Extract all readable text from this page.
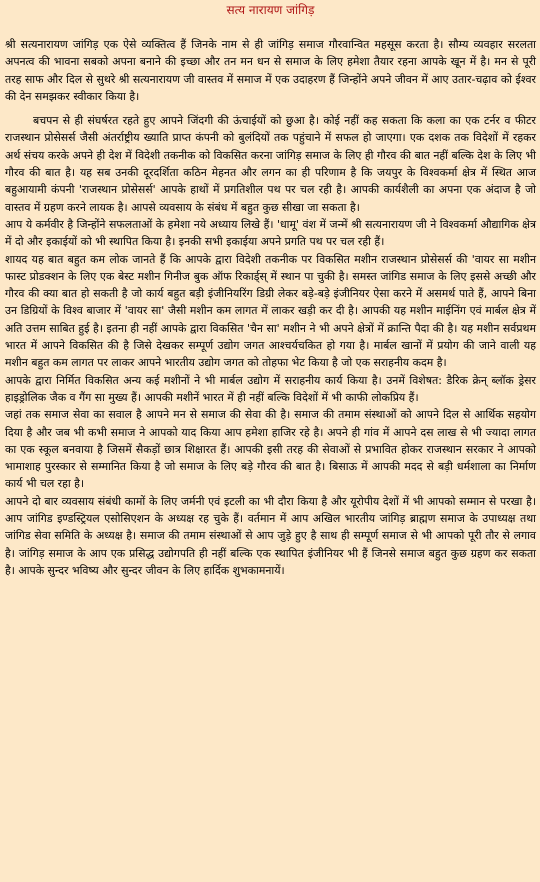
सत्य नारायण जांगिड़

श्री सत्यनारायण जांगिड़ एक ऐसे व्यक्तित्व हैं जिनके नाम से ही जांगिड़ समाज गौरवान्वित महसूस करता है। सौम्य व्यवहार सरलता अपनत्व की भावना सबको अपना बनाने की इच्छा और तन मन धन से समाज के लिए हमेशा तैयार रहना आपके खून में है। मन से पूरी तरह साफ और दिल से सुथरे श्री सत्यनारायण जी वास्तव में समाज में एक उदाहरण हैं जिन्होंने अपने जीवन में आए उतार-चढ़ाव को ईश्वर की देन समझकर स्वीकार किया है।

बचपन से ही संघर्षरत रहते हुए आपने जिंदगी की ऊंचाईयों को छुआ है। कोई नहीं कह सकता कि कला का एक टर्नर व फीटर राजस्थान प्रोसेसर्स जैसी अंतर्राष्ट्रीय ख्याति प्राप्त कंपनी को बुलंदियों तक पहुंचाने में सफल हो जाएगा। एक दशक तक विदेशों में रहकर अर्थ संचय करके अपने ही देश में विदेशी तकनीक को विकसित करना जांगिड़ समाज के लिए ही गौरव की बात नहीं बल्कि देश के लिए भी गौरव की बात है। यह सब उनकी दूरदर्शिता कठिन मेहनत और लगन का ही परिणाम है कि जयपुर के विश्वकर्मा क्षेत्र में स्थित आज बहुआयामी कंपनी 'राजस्थान प्रोसेसर्स' आपके हाथों में प्रगतिशील पथ पर चल रही है। आपकी कार्यशैली का अपना एक अंदाज है जो वास्तव में ग्रहण करने लायक है। आपसे व्यवसाय के संबंध में बहुत कुछ सीखा जा सकता है।

आप ये कर्मवीर है जिन्होंने सफलताओं के हमेशा नये अध्याय लिखे हैं। 'धामू' वंश में जन्में श्री सत्यनारायण जी ने विश्वकर्मा औद्यागिक क्षेत्र में दो और इकाईयों को भी स्थापित किया है। इनकी सभी इकाईया अपने प्रगति पथ पर चल रही हैं।

शायद यह बात बहुत कम लोक जानते हैं कि आपके द्वारा विदेशी तकनीक पर विकसित मशीन राजस्थान प्रोसेसर्स की 'वायर सा मशीन फास्ट प्रोडक्शन के लिए एक बेस्ट मशीन गिनीज बुक ऑफ रिकार्ड्स् में स्थान पा चुकी है। समस्त जांगिड समाज के लिए इससे अच्छी और गौरव की क्या बात हो सकती है जो कार्य बहुत बड़ी इंजीनियरिंग डिग्री लेकर बड़े-बड़े इंजीनियर ऐसा करने में असमर्थ पाते हैं, आपने बिना उन डिग्रियों के विश्व बाजार में 'वायर सा' जैसी मशीन कम लागत में लाकर खड़ी कर दी है। आपकी यह मशीन माईनिंग एवं मार्बल क्षेत्र में अति उत्तम साबित हुई है। इतना ही नहीं आपके द्वारा विकसित 'चैन सा' मशीन ने भी अपने क्षेत्रों में क्रान्ति पैदा की है। यह मशीन सर्वप्रथम भारत में आपने विकसित की है जिसे देखकर सम्पूर्ण उद्योग जगत आश्चर्यचकित हो गया है। मार्बल खानों में प्रयोग की जाने वाली यह मशीन बहुत कम लागत पर लाकर आपने भारतीय उद्योग जगत को तोहफा भेट किया है जो एक सराहनीय कदम है।

आपके द्वारा निर्मित विकसित अन्य कई मशीनों ने भी मार्बल उद्योग में सराहनीय कार्य किया है। उनमें विशेषत: डैरिक क्रेन् ब्लॉक ड्रेसर हाइड्रोलिक जैक व गैंग सा मुख्य हैं। आपकी मशीनें भारत में ही नहीं बल्कि विदेशों में भी काफी लोकप्रिय हैं।

जहां तक समाज सेवा का सवाल है आपने मन से समाज की सेवा की है। समाज की तमाम संस्थाओं को आपने दिल से आर्थिक सहयोग दिया है और जब भी कभी समाज ने आपको याद किया आप हमेशा हाजिर रहे है। अपने ही गांव में आपने दस लाख से भी ज्यादा लागत का एक स्कूल बनवाया है जिसमें सैकड़ों छात्र शिक्षारत हैं। आपकी इसी तरह की सेवाओं से प्रभावित होकर राजस्थान सरकार ने आपको भामाशाह पुरस्कार से सम्मानित किया है जो समाज के लिए बड़े गौरव की बात है। बिसाऊ में आपकी मदद से बड़ी धर्मशाला का निर्माण कार्य भी चल रहा है।

आपने दो बार व्यवसाय संबंधी कामों के लिए जर्मनी एवं इटली का भी दौरा किया है और यूरोपीय देशों में भी आपको सम्मान से परखा है। आप जांगिड इण्डस्ट्रियल एसोसिएशन के अध्यक्ष रह चुके हैं। वर्तमान में आप अखिल भारतीय जांगिड़ ब्राह्मण समाज के उपाध्यक्ष तथा जांगिड सेवा समिति के अध्यक्ष है। समाज की तमाम संस्थाओं से आप जुड़े हुए है साथ ही सम्पूर्ण समाज से भी आपको पूरी तौर से लगाव है। जांगिड़ समाज के आप एक प्रसिद्ध उद्योगपति ही नहीं बल्कि एक स्थापित इंजीनियर भी हैं जिनसे समाज बहुत कुछ ग्रहण कर सकता है। आपके सुन्दर भविष्य और सुन्दर जीवन के लिए हार्दिक शुभकामनायें।
